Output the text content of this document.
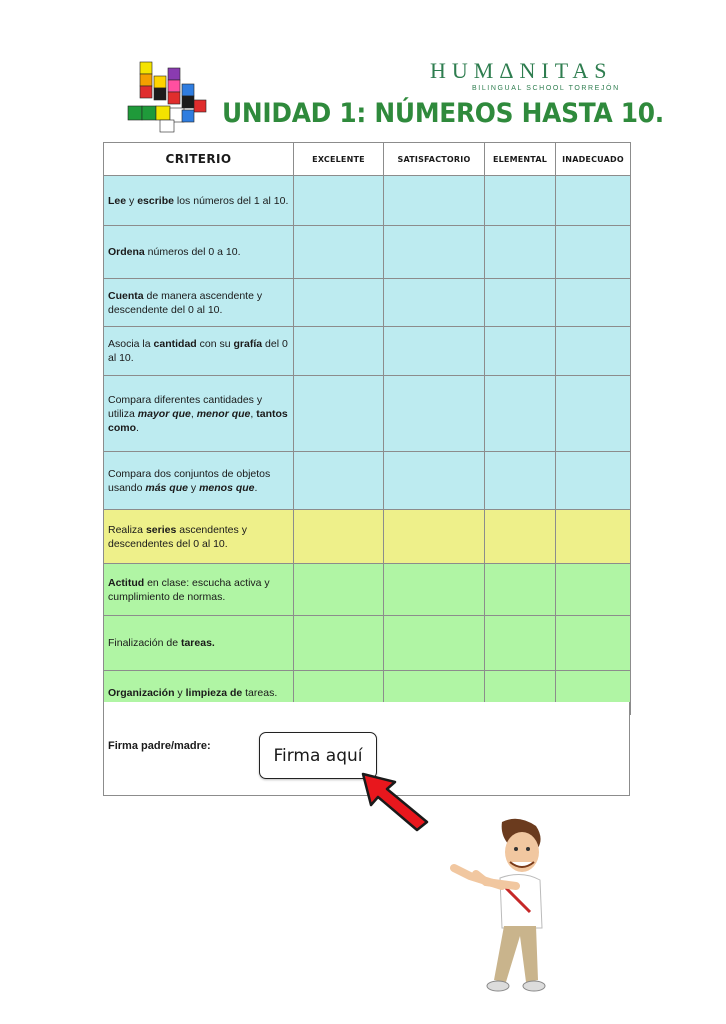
HUMΔNITAS
BILINGUAL SCHOOL TORREJÓN
UNIDAD 1: NÚMEROS HASTA 10.
CRITERIO	EXCELENTE	SATISFACTORIO	ELEMENTAL	INADECUADO
Lee y escribe los números del 1 al 10.				
Ordena números del 0 a 10.				
Cuenta de manera ascendente y descendente del 0 al 10.				
Asocia la cantidad con su grafía del 0 al 10.				
Compara diferentes cantidades y utiliza mayor que, menor que, tantos como.				
Compara dos conjuntos de objetos usando más que y menos que.				
Realiza series ascendentes y descendentes del 0 al 10.				
Actitud en clase: escucha activa y cumplimiento de normas.				
Finalización de tareas.				
Organización y limpieza de tareas.				
Firma padre/madre:	Firma aquí
